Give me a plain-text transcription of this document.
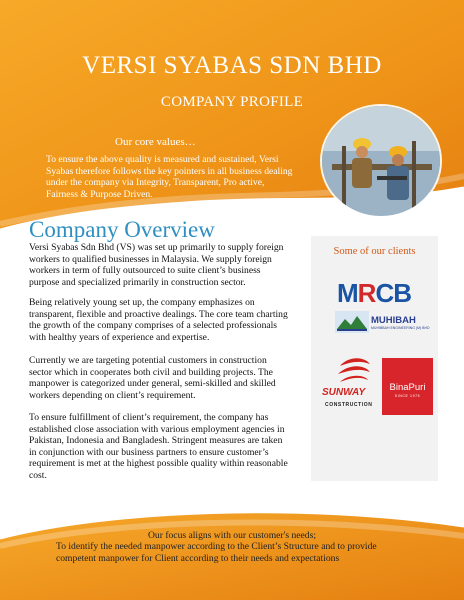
VERSI SYABAS SDN BHD
COMPANY PROFILE
Our core values…
To ensure the above quality is measured and sustained, Versi Syabas therefore follows the key pointers in all business dealing under the company via Integrity, Transparent, Pro active, Fairness & Purpose Driven.
Company Overview
Versi Syabas Sdn Bhd (VS) was set up primarily to supply foreign workers to qualified businesses in Malaysia. We supply foreign workers in term of fully outsourced to suite client’s business purpose and specialized primarily in construction sector.
Being relatively young set up, the company emphasizes on transparent, flexible and proactive dealings. The core team charting the growth of the company comprises of a selected professionals with healthy years of experience and expertise.
Currently we are targeting potential customers in construction sector which in cooperates both civil and building projects. The manpower is categorized under general, semi-skilled and skilled workers depending on client’s requirement.
To ensure fulfillment of client’s requirement, the company has established close association with various employment agencies in Pakistan, Indonesia and Bangladesh. Stringent measures are taken in conjunction with our business partners to ensure customer’s requirement is met at the highest possible quality within reasonable cost.
Some of our clients
MRCB
MUHIBAH
MUHIBBAH ENGINEERING (M) BHD
SUNWAY
CONSTRUCTION
BinaPuri
SINCE 1975
Our focus aligns with our customer's needs;
To identify the needed manpower according to the Client’s Structure and to provide competent manpower for Client according to their needs and expectations
